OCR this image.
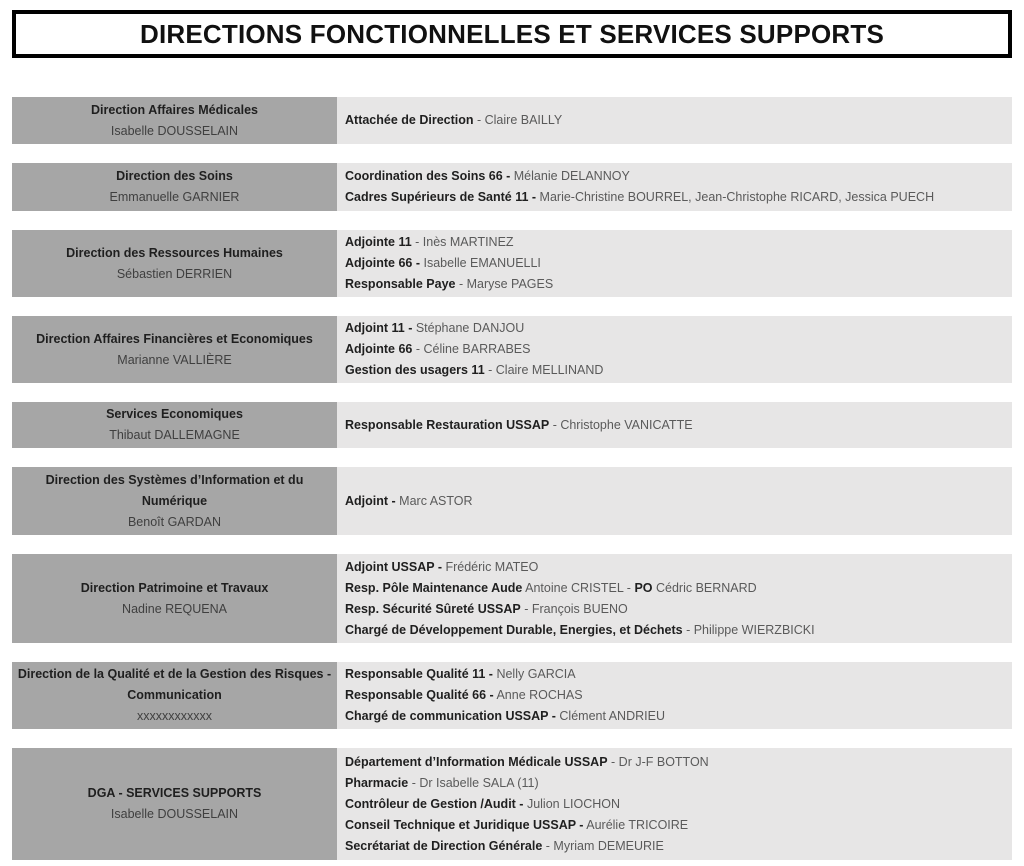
DIRECTIONS FONCTIONNELLES ET SERVICES SUPPORTS
Direction Affaires Médicales
Isabelle DOUSSELAIN
Attachée de Direction - Claire BAILLY
Direction des Soins
Emmanuelle GARNIER
Coordination des Soins 66 - Mélanie DELANNOY
Cadres Supérieurs de Santé 11 - Marie-Christine BOURREL, Jean-Christophe RICARD, Jessica PUECH
Direction des Ressources Humaines
Sébastien DERRIEN
Adjointe 11 - Inès MARTINEZ
Adjointe 66 - Isabelle EMANUELLI
Responsable Paye - Maryse PAGES
Direction Affaires Financières et Economiques
Marianne VALLIÈRE
Adjoint 11 - Stéphane DANJOU
Adjointe 66 - Céline BARRABES
Gestion des usagers 11 - Claire MELLINAND
Services Economiques
Thibaut DALLEMAGNE
Responsable Restauration USSAP - Christophe VANICATTE
Direction des Systèmes d’Information et du Numérique
Benoît GARDAN
Adjoint - Marc ASTOR
Direction Patrimoine et Travaux
Nadine REQUENA
Adjoint USSAP - Frédéric MATEO
Resp. Pôle Maintenance Aude Antoine CRISTEL - PO Cédric BERNARD
Resp. Sécurité Sûreté USSAP - François BUENO
Chargé de Développement Durable, Energies, et Déchets - Philippe WIERZBICKI
Direction de la Qualité et de la Gestion des Risques - Communication
xxxxxxxxxxxx
Responsable Qualité 11 - Nelly GARCIA
Responsable Qualité 66 - Anne ROCHAS
Chargé de communication USSAP - Clément ANDRIEU
DGA - SERVICES SUPPORTS
Isabelle DOUSSELAIN
Département d’Information Médicale USSAP - Dr J-F BOTTON
Pharmacie - Dr Isabelle SALA (11)
Contrôleur de Gestion /Audit - Julion LIOCHON
Conseil Technique et Juridique USSAP - Aurélie TRICOIRE
Secrétariat de Direction Générale - Myriam DEMEURIE
